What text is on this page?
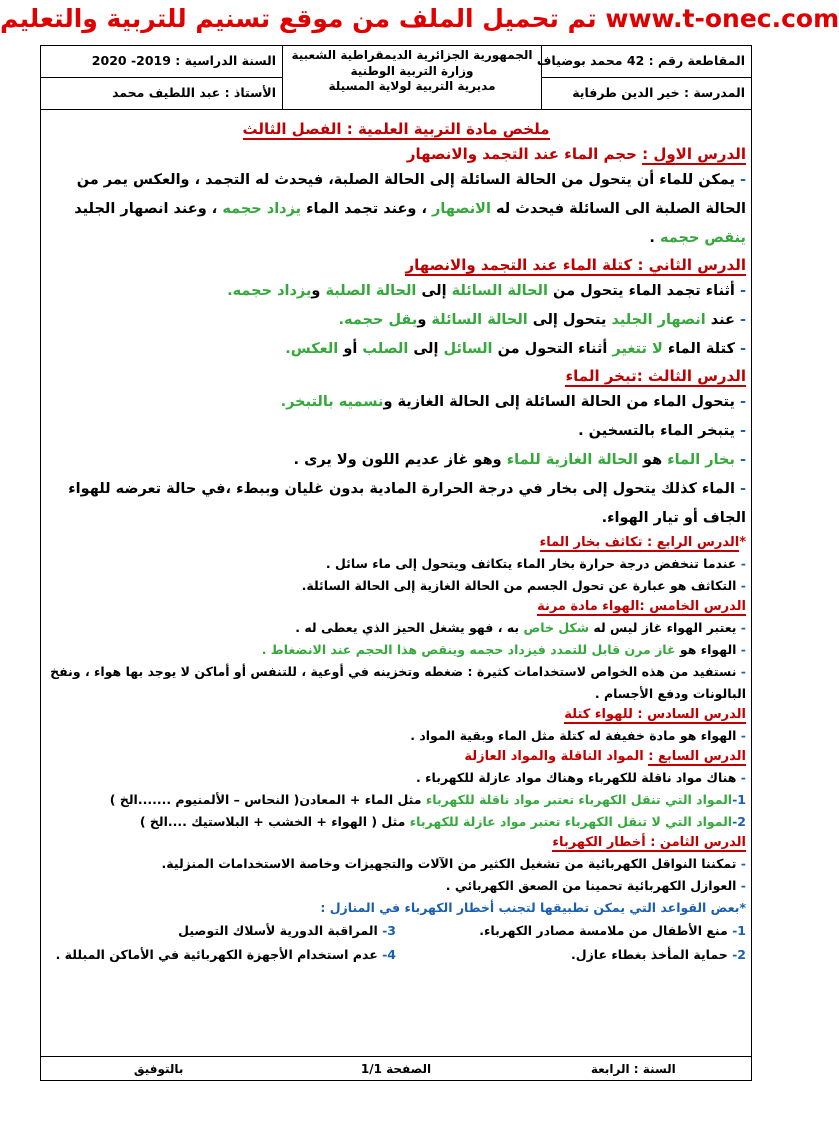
تم تحميل الملف من موقع تسنيم للتربية والتعليم www.t-onec.com
المقاطعة رقم : 42 محمد بوضياف
المدرسة : خير الدين طرفاية
الجمهورية الجزائرية الديمقراطية الشعبية
وزارة التربية الوطنية
مديرية التربية لولاية المسيلة
السنة الدراسية : 2019- 2020
الأستاذ : عبد اللطيف محمد
ملخص مادة التربية العلمية : الفصل الثالث
الدرس الاول : حجم الماء عند التجمد والانصهار

- يمكن للماء أن يتحول من الحالة السائلة إلى الحالة الصلبة، فيحدث له التجمد ، والعكس يمر من الحالة الصلبة الى السائلة فيحدث له الانصهار ، وعند تجمد الماء يزداد حجمه ، وعند انصهار الجليد ينقص حجمه .

الدرس الثاني : كتلة الماء عند التجمد والانصهار

- أثناء تجمد الماء يتحول من الحالة السائلة إلى الحالة الصلبة ويزداد حجمه.

- عند انصهار الجليد يتحول إلى الحالة السائلة ويقل حجمه.

- كتلة الماء لا تتغير أثناء التحول من السائل إلى الصلب أو العكس.

الدرس الثالث :تبخر الماء

- يتحول الماء من الحالة السائلة إلى الحالة الغازية ونسميه بالتبخر.

- يتبخر الماء بالتسخين .

- بخار الماء هو الحالة الغازية للماء وهو غاز عديم اللون ولا يرى .

- الماء كذلك يتحول إلى بخار في درجة الحرارة المادية بدون غليان وببطء ،في حالة تعرضه للهواء الجاف أو تيار الهواء.

*الدرس الرابع : تكاثف بخار الماء

- عندما تنخفض درجة حرارة بخار الماء يتكاثف ويتحول إلى ماء سائل .

- التكاثف هو عبارة عن تحول الجسم من الحالة الغازية إلى الحالة السائلة.

الدرس الخامس :الهواء مادة مرنة

- يعتبر الهواء غاز ليس له شكل خاص به ، فهو يشغل الحيز الذي يعطى له .

- الهواء هو غاز مرن قابل للتمدد فيزداد حجمه وينقص هذا الحجم عند الانضغاط .

- نستفيد من هذه الخواص لاستخدامات كثيرة : ضغطه وتخزينه في أوعية ، للتنفس أو أماكن لا يوجد بها هواء ، ونفخ البالونات ودفع الأجسام .

الدرس السادس : للهواء كتلة

- الهواء هو مادة خفيفة له كتلة مثل الماء وبقية المواد .

الدرس السابع : المواد الناقلة والمواد العازلة

- هناك مواد ناقلة للكهرباء وهناك مواد عازلة للكهرباء .

1-المواد التي تنقل الكهرباء تعتبر مواد ناقلة للكهرباء مثل الماء + المعادن( النحاس – الألمنيوم .......الخ )

2-المواد التي لا تنقل الكهرباء تعتبر مواد عازلة للكهرباء مثل ( الهواء + الخشب + البلاستيك ....الخ )

الدرس الثامن : أخطار الكهرباء

- تمكننا النواقل الكهربائية من تشغيل الكثير من الآلات والتجهيزات وخاصة الاستخدامات المنزلية.

- العوازل الكهربائية تحمينا من الصعق الكهربائي .

*بعض القواعد التي يمكن تطبيقها لتجنب أخطار الكهرباء في المنازل :

1- منع الأطفال من ملامسة مصادر الكهرباء.
2- حماية المأخذ بغطاء عازل.
3- المراقبة الدورية لأسلاك التوصيل
4- عدم استخدام الأجهزة الكهربائية في الأماكن المبللة .
السنة : الرابعة
الصفحة 1/1
بالتوفيق
